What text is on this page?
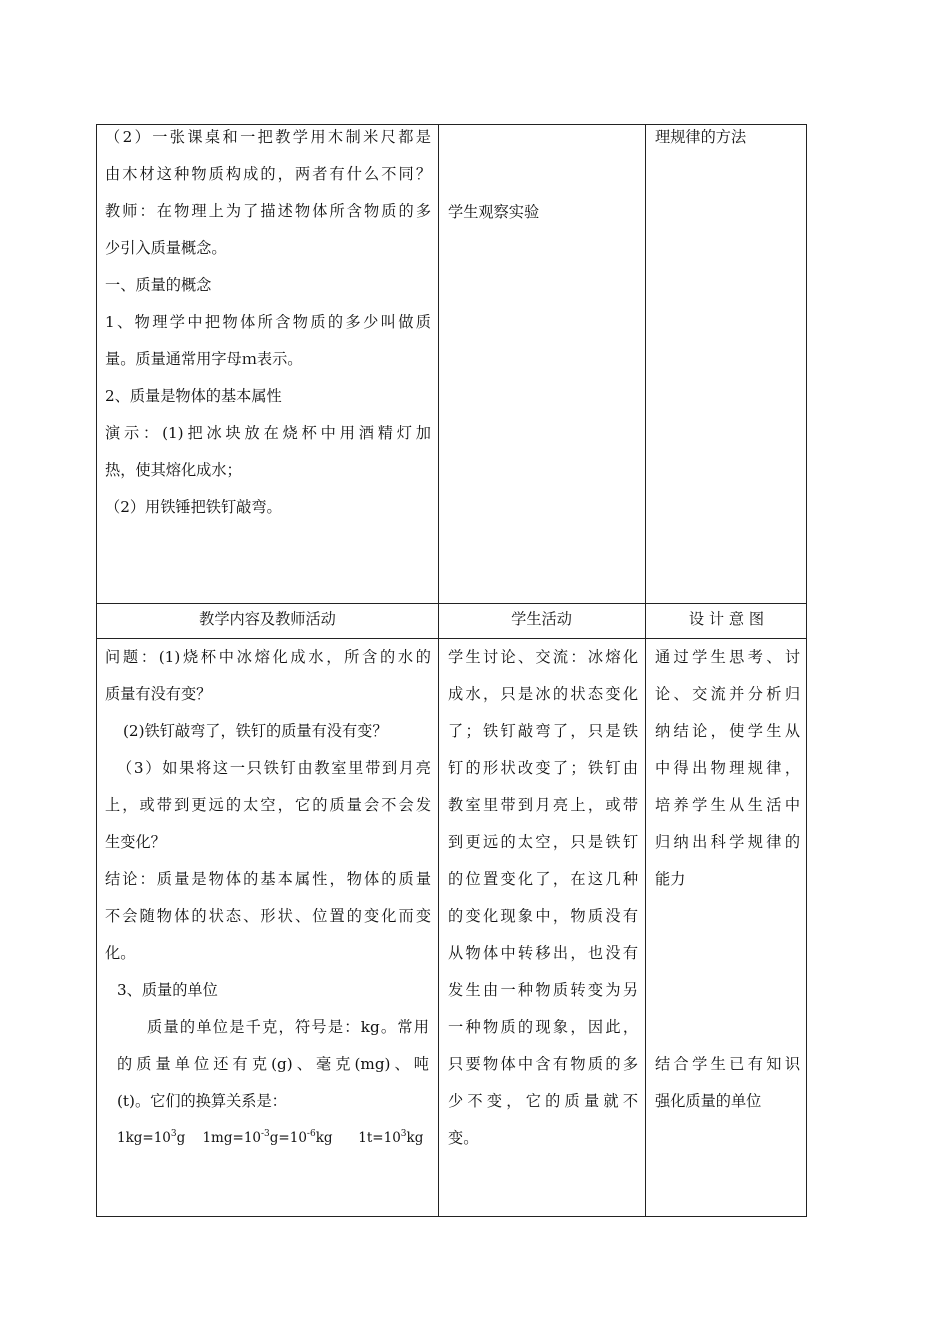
（2）一张课桌和一把教学用木制米尺都是

由木材这种物质构成的，两者有什么不同？

教师：在物理上为了描述物体所含物质的多

少引入质量概念。

一、质量的概念

1、物理学中把物体所含物质的多少叫做质

量。质量通常用字母ｍ表示。

2、质量是物体的基本属性

演示：(1)把冰块放在烧杯中用酒精灯加

热，使其熔化成水；

（2）用铁锤把铁钉敲弯。

学生观察实验

理规律的方法

教学内容及教师活动	学生活动	设 计 意 图

问题：(1)烧杯中冰熔化成水，所含的水的

质量有没有变？

(2)铁钉敲弯了，铁钉的质量有没有变？

（3）如果将这一只铁钉由教室里带到月亮

上，或带到更远的太空，它的质量会不会发

生变化？

结论：质量是物体的基本属性，物体的质量

不会随物体的状态、形状、位置的变化而变

化。

3、质量的单位

质量的单位是千克，符号是：kg。常用

的质量单位还有克(g)、毫克(mg)、吨

(t)。它们的换算关系是：

$1kg=10^3g$ $1mg=10^{-3}g=10^{-6}kg$ $1t=10^3kg$

学生讨论、交流：冰熔化

成水，只是冰的状态变化

了；铁钉敲弯了，只是铁

钉的形状改变了；铁钉由

教室里带到月亮上，或带

到更远的太空，只是铁钉

的位置变化了，在这几种

的变化现象中，物质没有

从物体中转移出，也没有

发生由一种物质转变为另

一种物质的现象，因此，

只要物体中含有物质的多

少不变，它的质量就不

变。

通过学生思考、讨

论、交流并分析归

纳结论，使学生从

中得出物理规律，

培养学生从生活中

归纳出科学规律的

能力

结合学生已有知识

强化质量的单位
